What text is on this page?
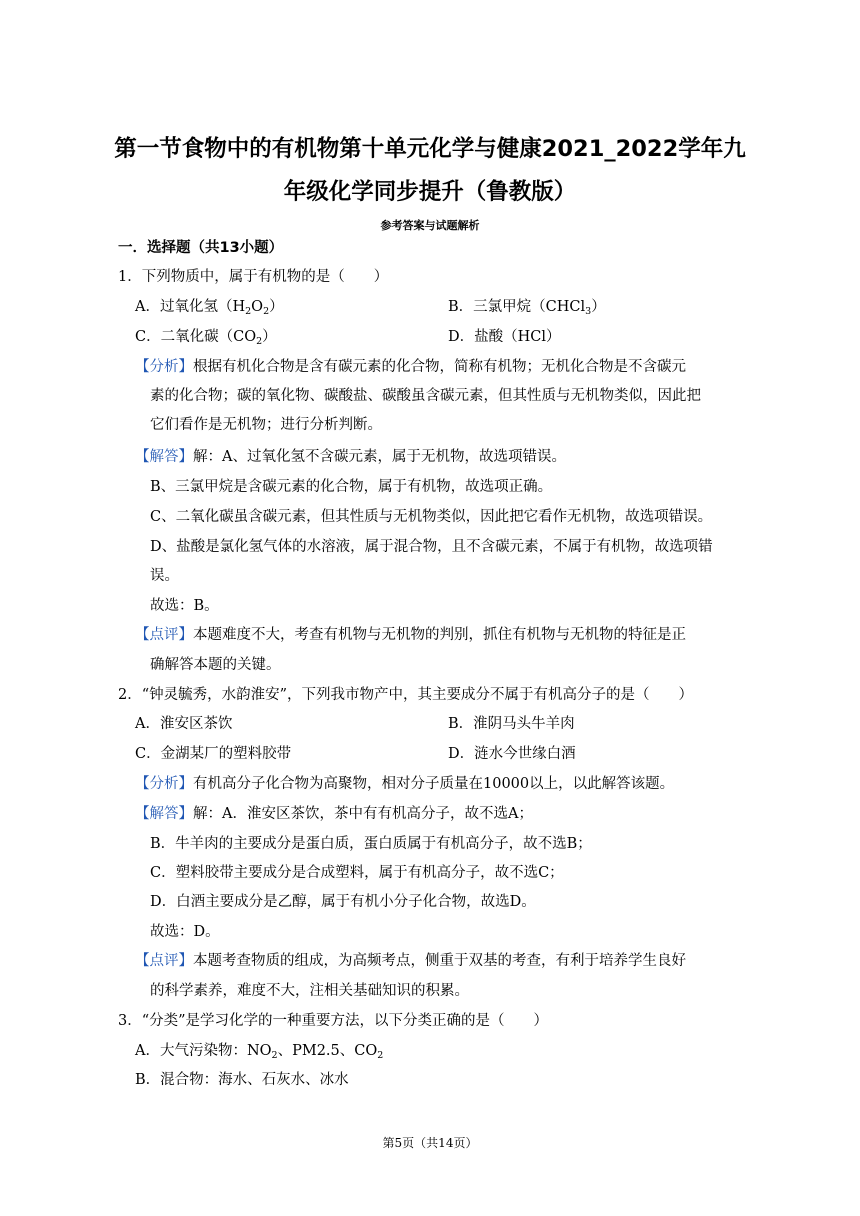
第一节食物中的有机物第十单元化学与健康2021_2022学年九
年级化学同步提升（鲁教版）
参考答案与试题解析
一．选择题（共13小题）
1．下列物质中，属于有机物的是（　　）
A．过氧化氢$(H_2O_2)$	B．三氯甲烷（CHCl$_3$）
C．二氧化碳$(CO_2)$	D．盐酸（HCl）
【分析】根据有机化合物是含有碳元素的化合物，简称有机物；无机化合物是不含碳元
素的化合物；碳的氧化物、碳酸盐、碳酸虽含碳元素，但其性质与无机物类似，因此把
它们看作是无机物；进行分析判断。
【解答】解：A、过氧化氢不含碳元素，属于无机物，故选项错误。
B、三氯甲烷是含碳元素的化合物，属于有机物，故选项正确。
C、二氧化碳虽含碳元素，但其性质与无机物类似，因此把它看作无机物，故选项错误。
D、盐酸是氯化氢气体的水溶液，属于混合物，且不含碳元素，不属于有机物，故选项错
误。
故选：B。
【点评】本题难度不大，考查有机物与无机物的判别，抓住有机物与无机物的特征是正
确解答本题的关键。
2．“钟灵毓秀，水韵淮安”，下列我市物产中，其主要成分不属于有机高分子的是（　　）
A．淮安区茶饮	B．淮阴马头牛羊肉
C．金湖某厂的塑料胶带	D．涟水今世缘白酒
【分析】有机高分子化合物为高聚物，相对分子质量在10000以上，以此解答该题。
【解答】解：A．淮安区茶饮，茶中有有机高分子，故不选A；
B．牛羊肉的主要成分是蛋白质，蛋白质属于有机高分子，故不选B；
C．塑料胶带主要成分是合成塑料，属于有机高分子，故不选C；
D．白酒主要成分是乙醇，属于有机小分子化合物，故选D。
故选：D。
【点评】本题考查物质的组成，为高频考点，侧重于双基的考查，有利于培养学生良好
的科学素养，难度不大，注相关基础知识的积累。
3．“分类”是学习化学的一种重要方法，以下分类正确的是（　　）
A．大气污染物：$NO_2$、PM2.5、$CO_2$
B．混合物：海水、石灰水、冰水
第5页（共14页）
